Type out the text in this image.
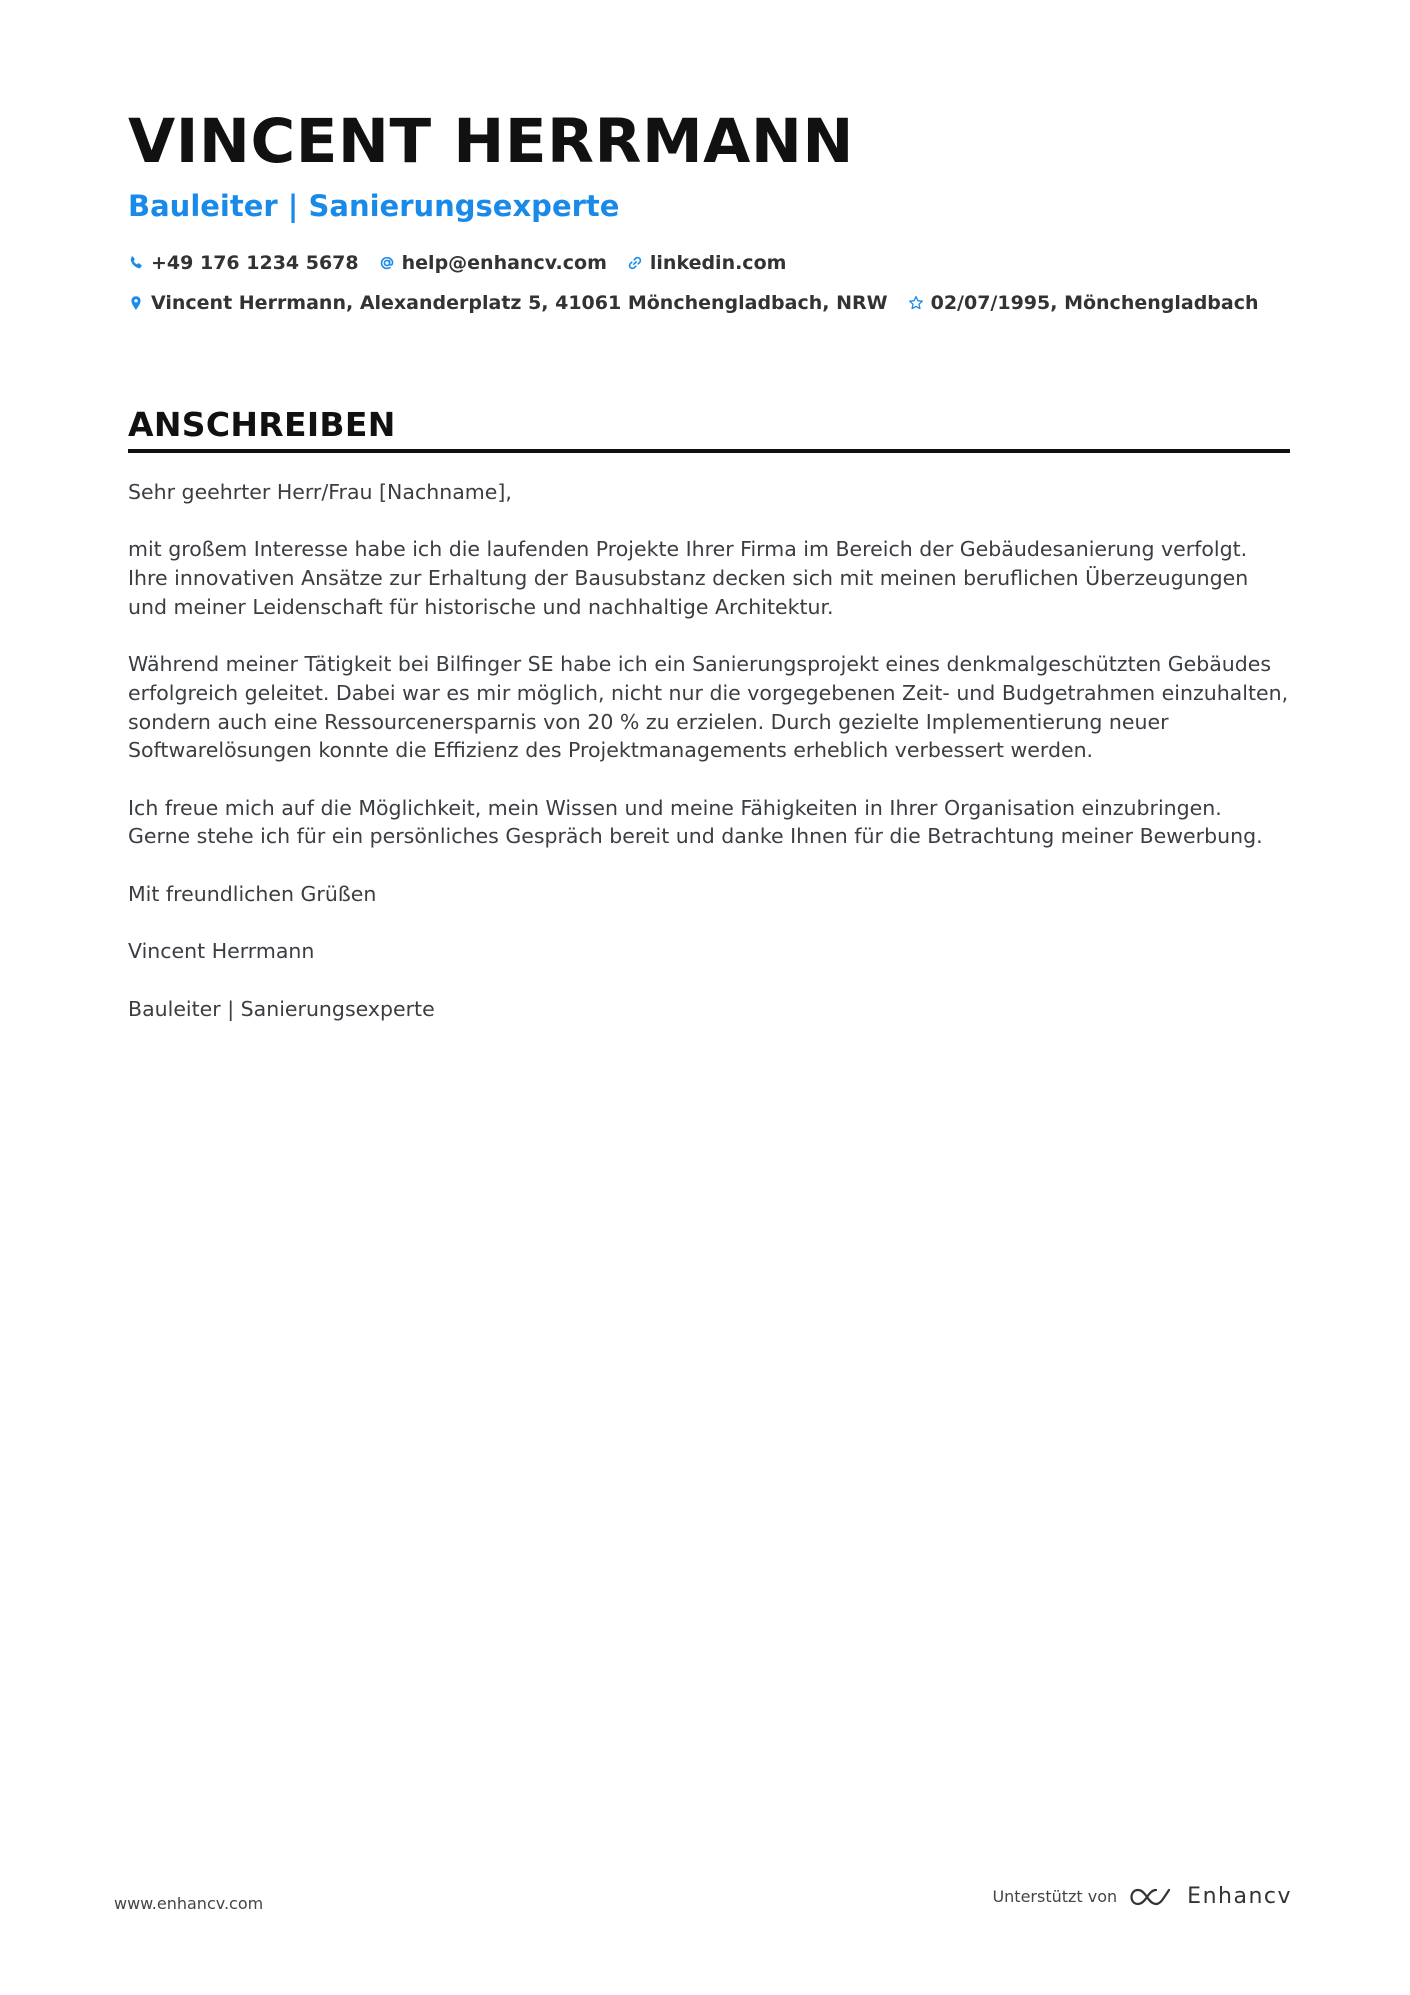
VINCENT HERRMANN
Bauleiter | Sanierungsexperte
+49 176 1234 5678 help@enhancv.com linkedin.com
Vincent Herrmann, Alexanderplatz 5, 41061 Mönchengladbach, NRW 02/07/1995, Mönchengladbach
ANSCHREIBEN

Sehr geehrter Herr/Frau [Nachname],

mit großem Interesse habe ich die laufenden Projekte Ihrer Firma im Bereich der Gebäudesanierung verfolgt. Ihre innovativen Ansätze zur Erhaltung der Bausubstanz decken sich mit meinen beruflichen Überzeugungen und meiner Leidenschaft für historische und nachhaltige Architektur.

Während meiner Tätigkeit bei Bilfinger SE habe ich ein Sanierungsprojekt eines denkmalgeschützten Gebäudes erfolgreich geleitet. Dabei war es mir möglich, nicht nur die vorgegebenen Zeit- und Budgetrahmen einzuhalten, sondern auch eine Ressourcenersparnis von 20 % zu erzielen. Durch gezielte Implementierung neuer Softwarelösungen konnte die Effizienz des Projektmanagements erheblich verbessert werden.

Ich freue mich auf die Möglichkeit, mein Wissen und meine Fähigkeiten in Ihrer Organisation einzubringen. Gerne stehe ich für ein persönliches Gespräch bereit und danke Ihnen für die Betrachtung meiner Bewerbung.

Mit freundlichen Grüßen

Vincent Herrmann

Bauleiter | Sanierungsexperte

www.enhancv.com	Unterstützt von	Enhancv
